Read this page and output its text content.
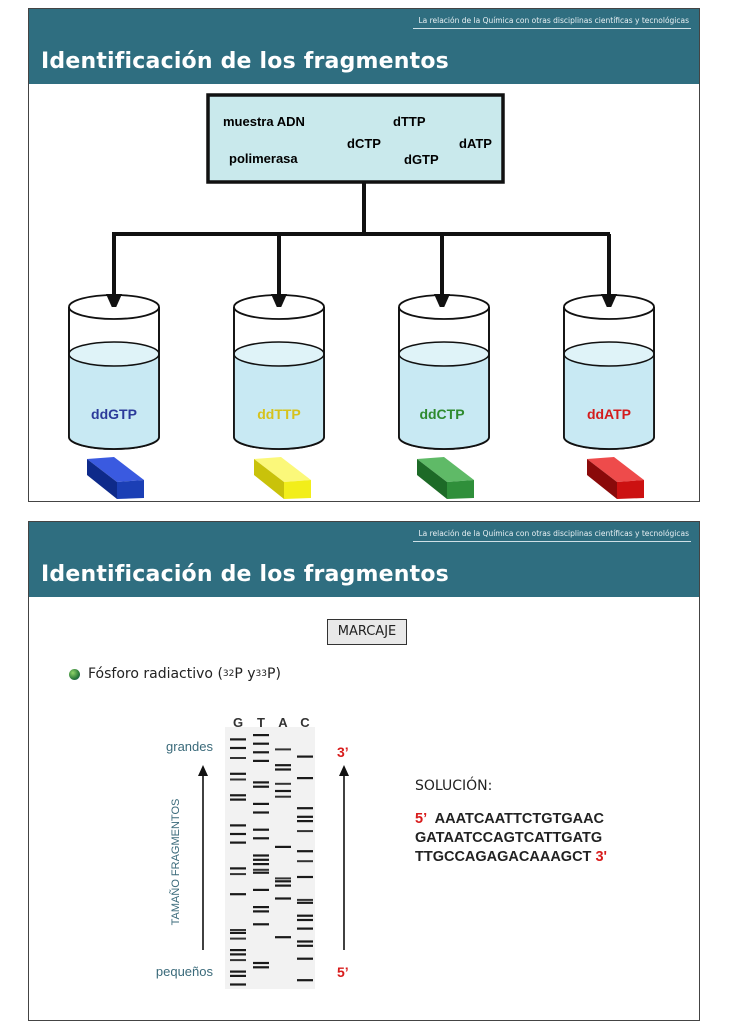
La relación de la Química con otras disciplinas científicas y tecnológicas
Identificación de los fragmentos
muestra ADN	dTTP
dCTP	dATP
polimerasa	dGTP
ddGTP	ddTTP	ddCTP	ddATP
La relación de la Química con otras disciplinas científicas y tecnológicas
Identificación de los fragmentos
MARCAJE
Fósforo radiactivo ( 32 P y 33 P)
G T A C
grandes
pequeños
TAMAÑO FRAGMENTOS
3’
5’
SOLUCIÓN:
5’ AAATCAATTCTGTGAAC
GATAATCCAGTCATTGATG
TTGCCAGAGACAAAGCT 3'
